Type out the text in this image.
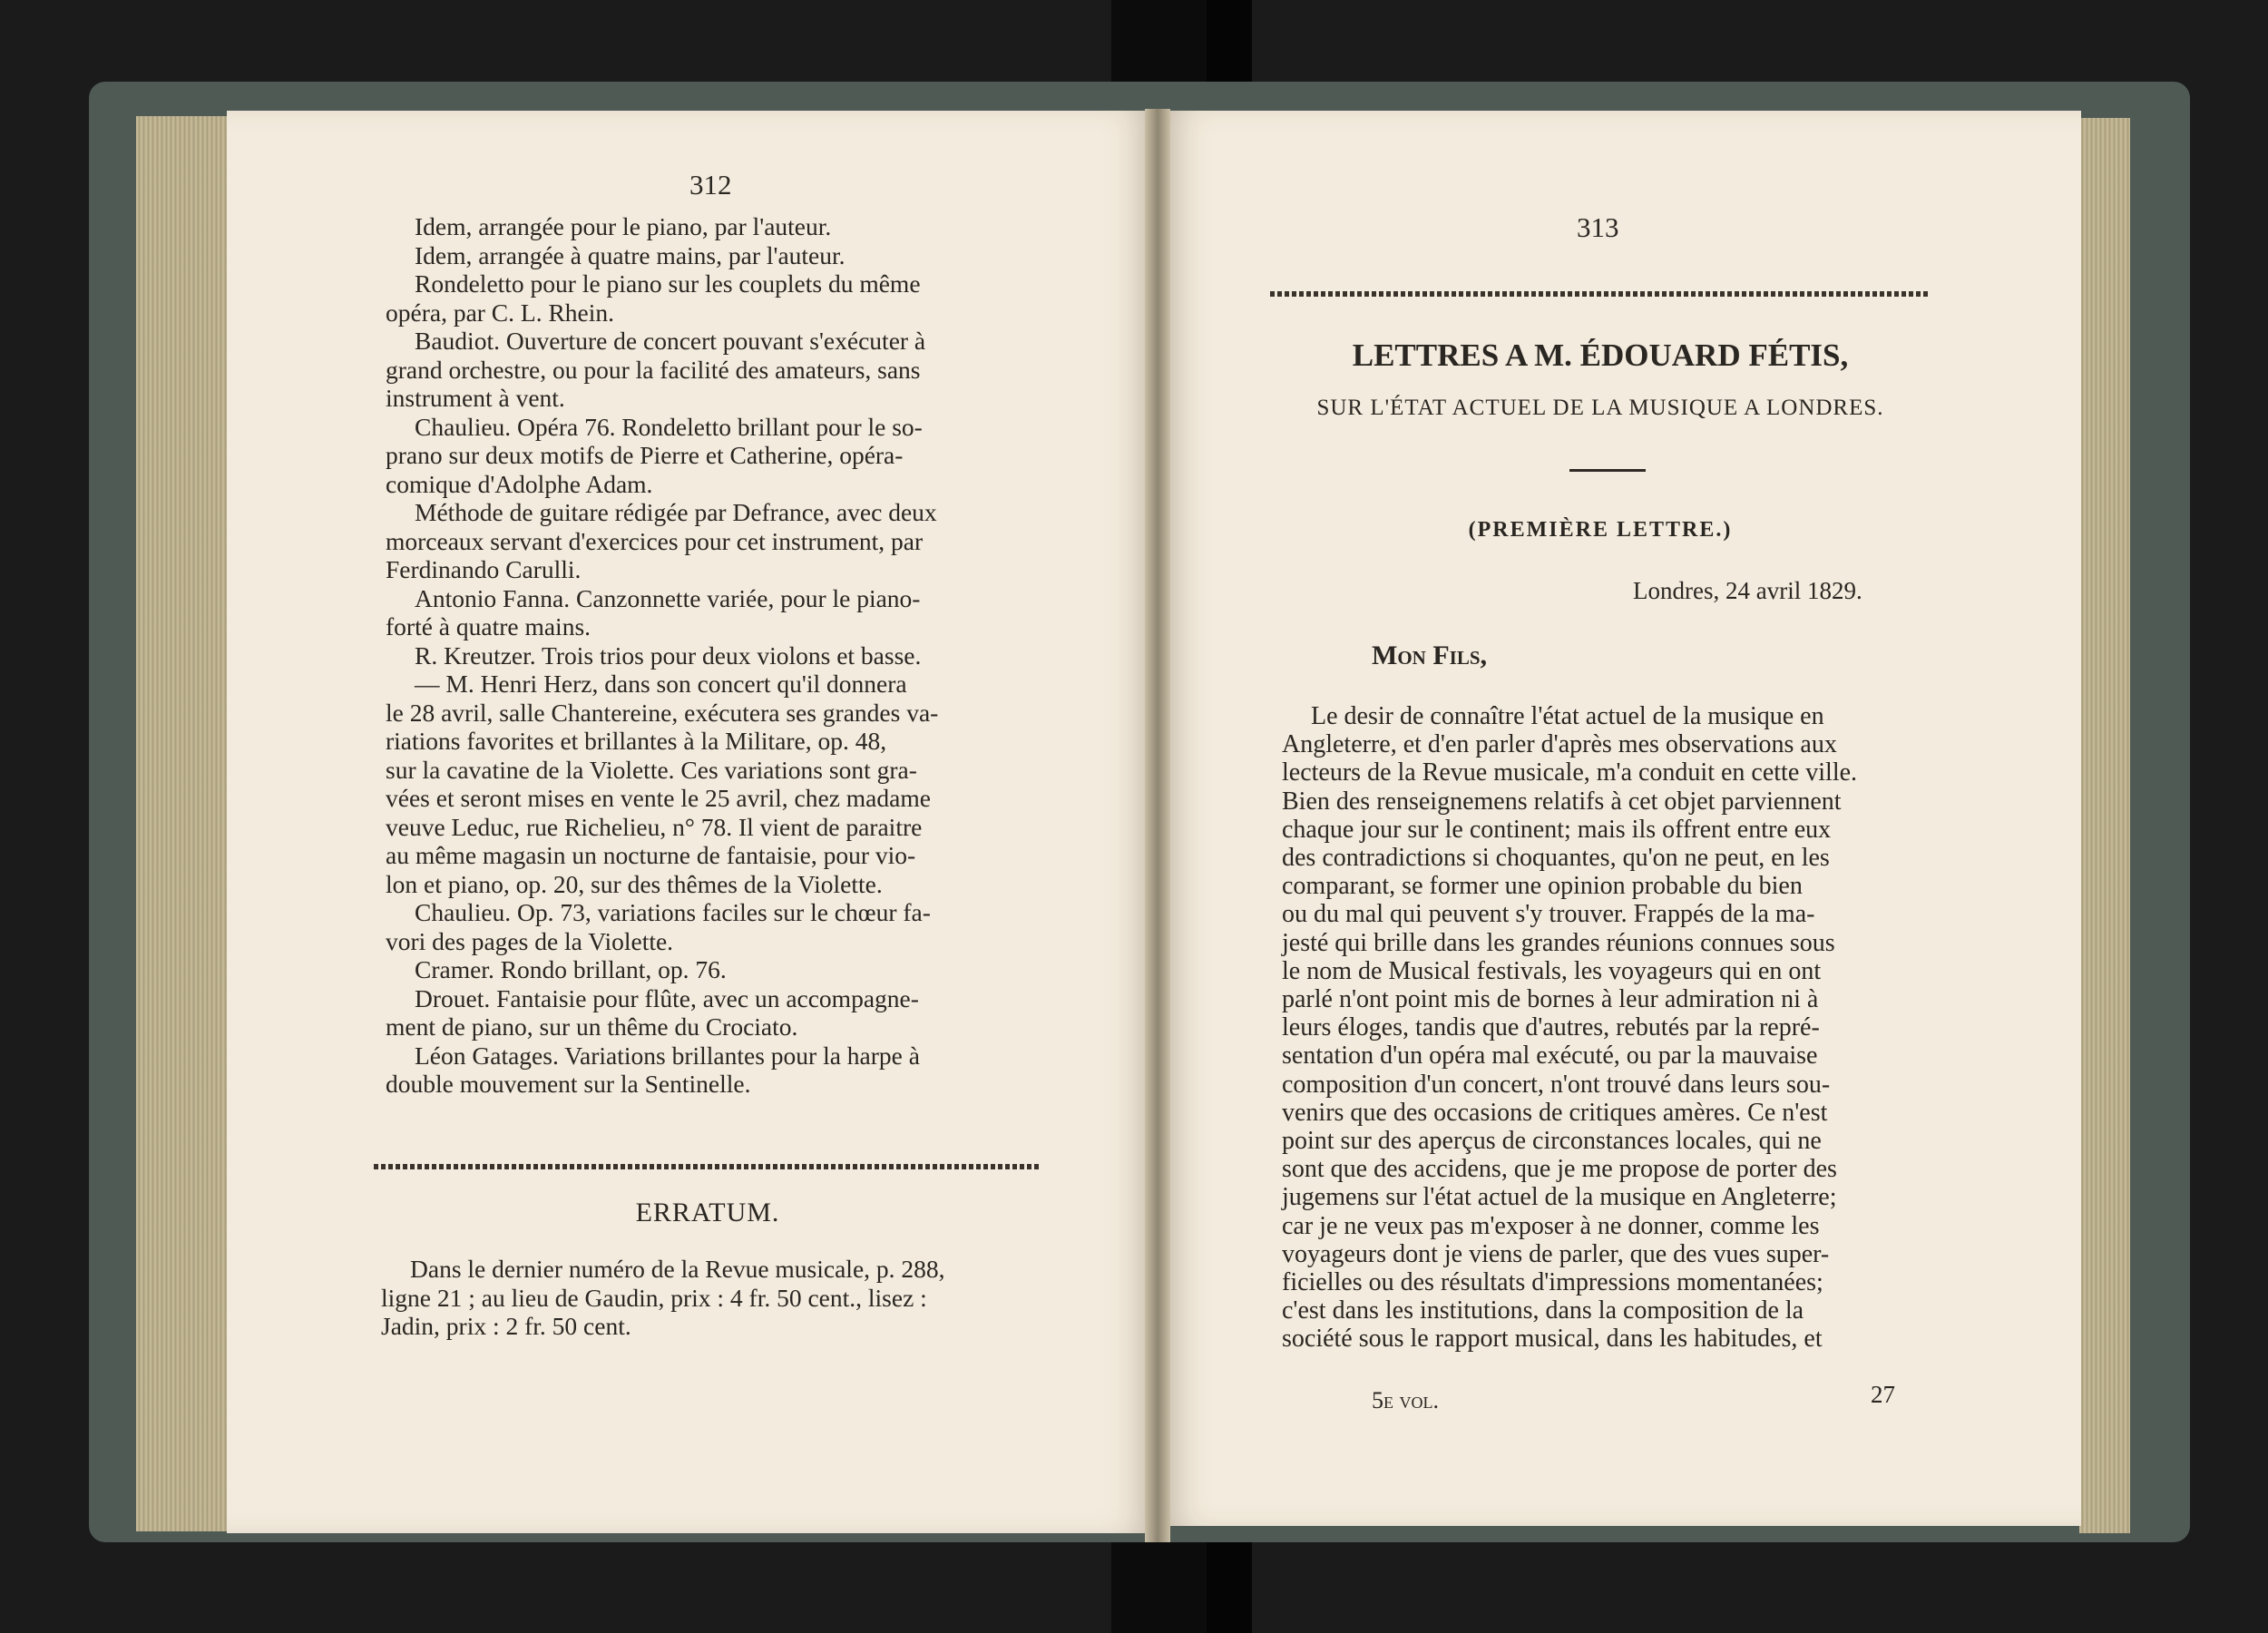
312
Idem, arrangée pour le piano, par l'auteur.
Idem, arrangée à quatre mains, par l'auteur.
Rondeletto pour le piano sur les couplets du même
opéra, par C. L. Rhein.
Baudiot. Ouverture de concert pouvant s'exécuter à
grand orchestre, ou pour la facilité des amateurs, sans
instrument à vent.
Chaulieu. Opéra 76. Rondeletto brillant pour le so-
prano sur deux motifs de Pierre et Catherine, opéra-
comique d'Adolphe Adam.
Méthode de guitare rédigée par Defrance, avec deux
morceaux servant d'exercices pour cet instrument, par
Ferdinando Carulli.
Antonio Fanna. Canzonnette variée, pour le piano-
forté à quatre mains.
R. Kreutzer. Trois trios pour deux violons et basse.
— M. Henri Herz, dans son concert qu'il donnera
le 28 avril, salle Chantereine, exécutera ses grandes va-
riations favorites et brillantes à la Militare, op. 48,
sur la cavatine de la Violette. Ces variations sont gra-
vées et seront mises en vente le 25 avril, chez madame
veuve Leduc, rue Richelieu, n° 78. Il vient de paraitre
au même magasin un nocturne de fantaisie, pour vio-
lon et piano, op. 20, sur des thêmes de la Violette.
Chaulieu. Op. 73, variations faciles sur le chœur fa-
vori des pages de la Violette.
Cramer. Rondo brillant, op. 76.
Drouet. Fantaisie pour flûte, avec un accompagne-
ment de piano, sur un thême du Crociato.
Léon Gatages. Variations brillantes pour la harpe à
double mouvement sur la Sentinelle.
ERRATUM.
Dans le dernier numéro de la Revue musicale, p. 288,
ligne 21 ; au lieu de Gaudin, prix : 4 fr. 50 cent., lisez :
Jadin, prix : 2 fr. 50 cent.
313
LETTRES A M. ÉDOUARD FÉTIS,
SUR L'ÉTAT ACTUEL DE LA MUSIQUE A LONDRES.
(PREMIÈRE LETTRE.)
Londres, 24 avril 1829.
Mon Fils,
Le desir de connaître l'état actuel de la musique en
Angleterre, et d'en parler d'après mes observations aux
lecteurs de la Revue musicale, m'a conduit en cette ville.
Bien des renseignemens relatifs à cet objet parviennent
chaque jour sur le continent; mais ils offrent entre eux
des contradictions si choquantes, qu'on ne peut, en les
comparant, se former une opinion probable du bien
ou du mal qui peuvent s'y trouver. Frappés de la ma-
jesté qui brille dans les grandes réunions connues sous
le nom de Musical festivals, les voyageurs qui en ont
parlé n'ont point mis de bornes à leur admiration ni à
leurs éloges, tandis que d'autres, rebutés par la repré-
sentation d'un opéra mal exécuté, ou par la mauvaise
composition d'un concert, n'ont trouvé dans leurs sou-
venirs que des occasions de critiques amères. Ce n'est
point sur des aperçus de circonstances locales, qui ne
sont que des accidens, que je me propose de porter des
jugemens sur l'état actuel de la musique en Angleterre;
car je ne veux pas m'exposer à ne donner, comme les
voyageurs dont je viens de parler, que des vues super-
ficielles ou des résultats d'impressions momentanées;
c'est dans les institutions, dans la composition de la
société sous le rapport musical, dans les habitudes, et
5e vol.	27
